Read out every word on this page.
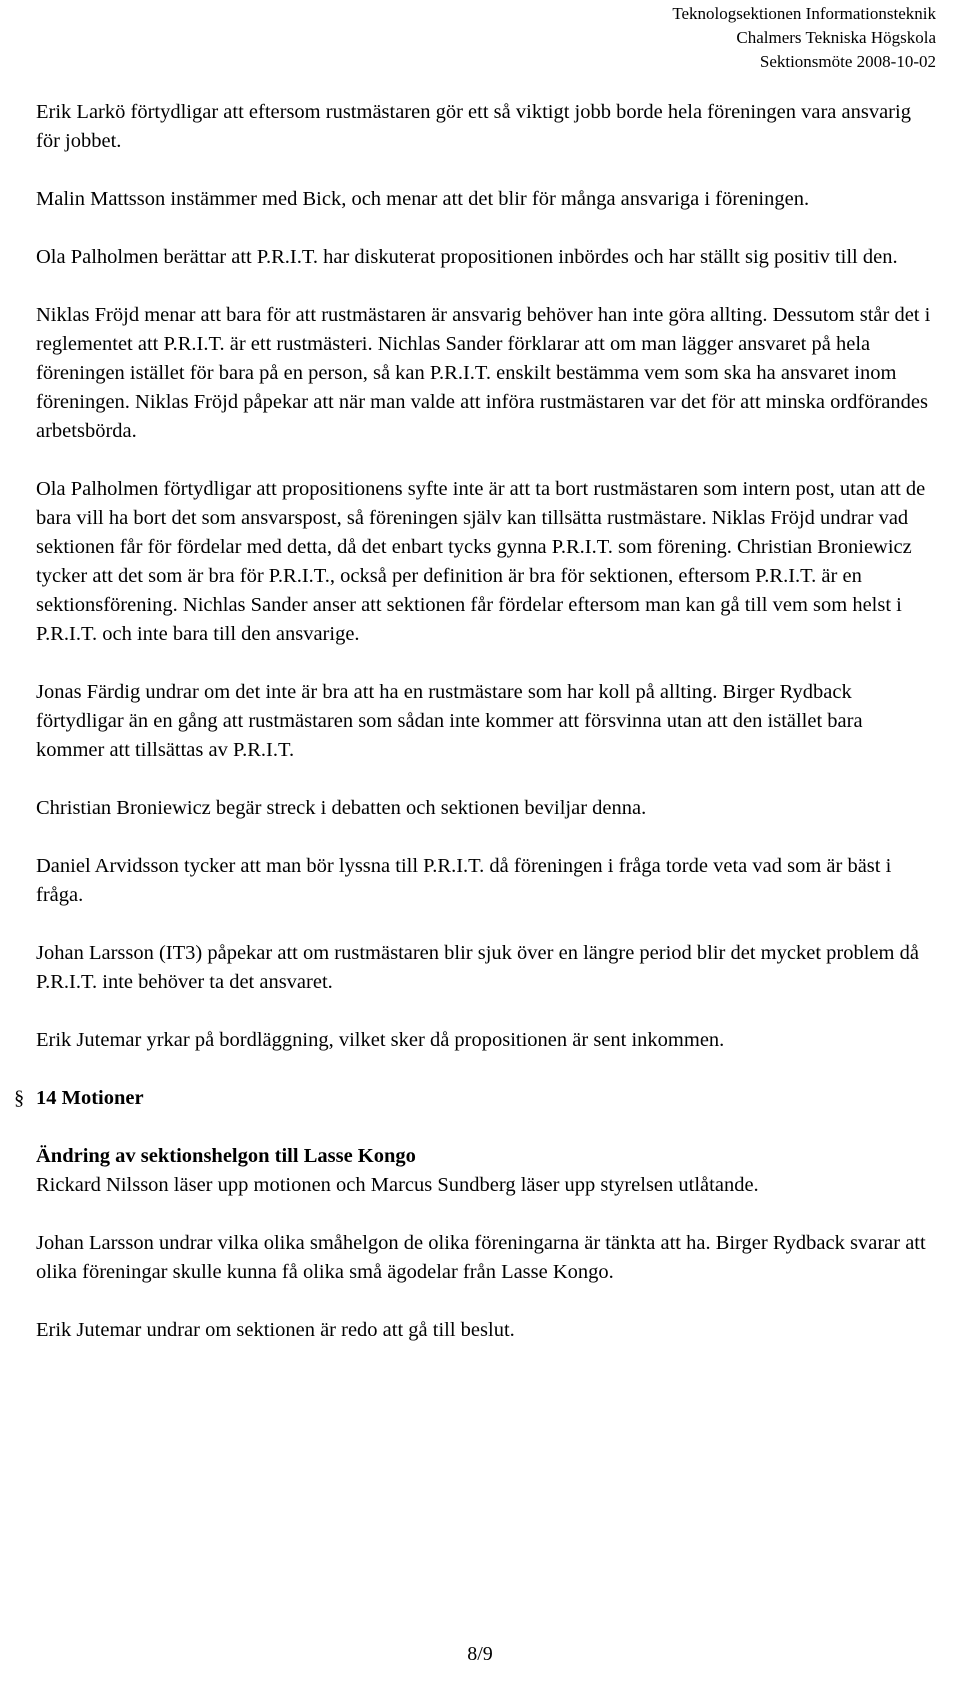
Teknologsektionen Informationsteknik
Chalmers Tekniska Högskola
Sektionsmöte 2008-10-02

Erik Larkö förtydligar att eftersom rustmästaren gör ett så viktigt jobb borde hela föreningen vara ansvarig för jobbet.

Malin Mattsson instämmer med Bick, och menar att det blir för många ansvariga i föreningen.

Ola Palholmen berättar att P.R.I.T. har diskuterat propositionen inbördes och har ställt sig positiv till den.

Niklas Fröjd menar att bara för att rustmästaren är ansvarig behöver han inte göra allting. Dessutom står det i reglementet att P.R.I.T. är ett rustmästeri. Nichlas Sander förklarar att om man lägger ansvaret på hela föreningen istället för bara på en person, så kan P.R.I.T. enskilt bestämma vem som ska ha ansvaret inom föreningen. Niklas Fröjd påpekar att när man valde att införa rustmästaren var det för att minska ordförandes arbetsbörda.

Ola Palholmen förtydligar att propositionens syfte inte är att ta bort rustmästaren som intern post, utan att de bara vill ha bort det som ansvarspost, så föreningen själv kan tillsätta rustmästare. Niklas Fröjd undrar vad sektionen får för fördelar med detta, då det enbart tycks gynna P.R.I.T. som förening. Christian Broniewicz tycker att det som är bra för P.R.I.T., också per definition är bra för sektionen, eftersom P.R.I.T. är en sektionsförening. Nichlas Sander anser att sektionen får fördelar eftersom man kan gå till vem som helst i P.R.I.T. och inte bara till den ansvarige.

Jonas Färdig undrar om det inte är bra att ha en rustmästare som har koll på allting. Birger Rydback förtydligar än en gång att rustmästaren som sådan inte kommer att försvinna utan att den istället bara kommer att tillsättas av P.R.I.T.

Christian Broniewicz begär streck i debatten och sektionen beviljar denna.

Daniel Arvidsson tycker att man bör lyssna till P.R.I.T. då föreningen i fråga torde veta vad som är bäst i fråga.

Johan Larsson (IT3) påpekar att om rustmästaren blir sjuk över en längre period blir det mycket problem då P.R.I.T. inte behöver ta det ansvaret.

Erik Jutemar yrkar på bordläggning, vilket sker då propositionen är sent inkommen.

§ 14 Motioner

Ändring av sektionshelgon till Lasse Kongo
Rickard Nilsson läser upp motionen och Marcus Sundberg läser upp styrelsen utlåtande.

Johan Larsson undrar vilka olika småhelgon de olika föreningarna är tänkta att ha. Birger Rydback svarar att olika föreningar skulle kunna få olika små ägodelar från Lasse Kongo.

Erik Jutemar undrar om sektionen är redo att gå till beslut.

8/9
